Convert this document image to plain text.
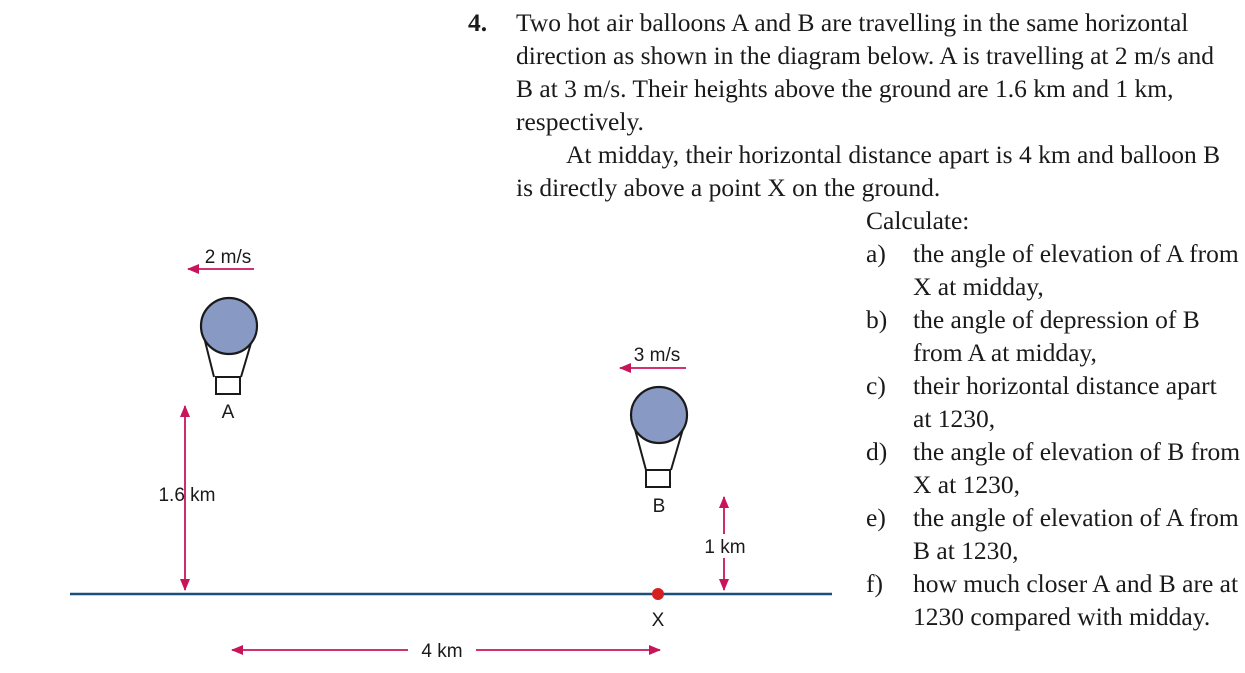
4. Two hot air balloons A and B are travelling in the same horizontal direction as shown in the diagram below. A is travelling at 2 m/s and B at 3 m/s. Their heights above the ground are 1.6 km and 1 km, respectively.

At midday, their horizontal distance apart is 4 km and balloon B is directly above a point X on the ground.

Calculate:

a) the angle of elevation of A from X at midday,
b) the angle of depression of B from A at midday,
c) their horizontal distance apart at 1230,
d) the angle of elevation of B from X at 1230,
e) the angle of elevation of A from B at 1230,
f) how much closer A and B are at 1230 compared with midday.
A
2 m/s
B
3 m/s
1.6 km
1 km
X
4 km
